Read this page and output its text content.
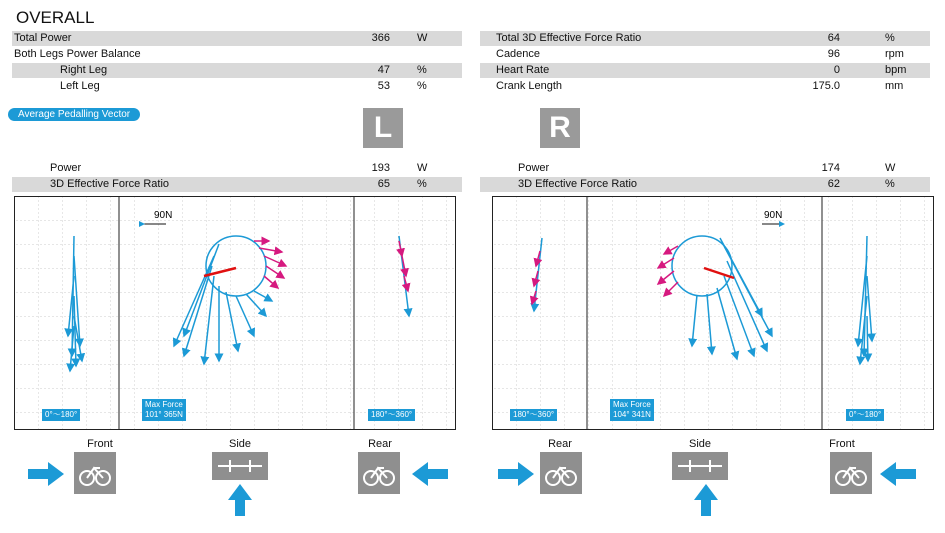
OVERALL
Total Power	366 W
Both Legs Power Balance
Right Leg	47 %
Left Leg	53 %
Total 3D Effective Force Ratio	64	%
Cadence	96	rpm
Heart Rate	0	bpm
Crank Length	175.0	mm
Average Pedalling Vector	L	R
Power	193 W
3D Effective Force Ratio	65 %
Power	174	W
3D Effective Force Ratio	62	%
90N
0°～180°
Max Force
101° 365N	180°～360°
90N
180°～360°
Max Force
104° 341N	0°～180°
Front	Side	Rear	Rear	Side	Front
